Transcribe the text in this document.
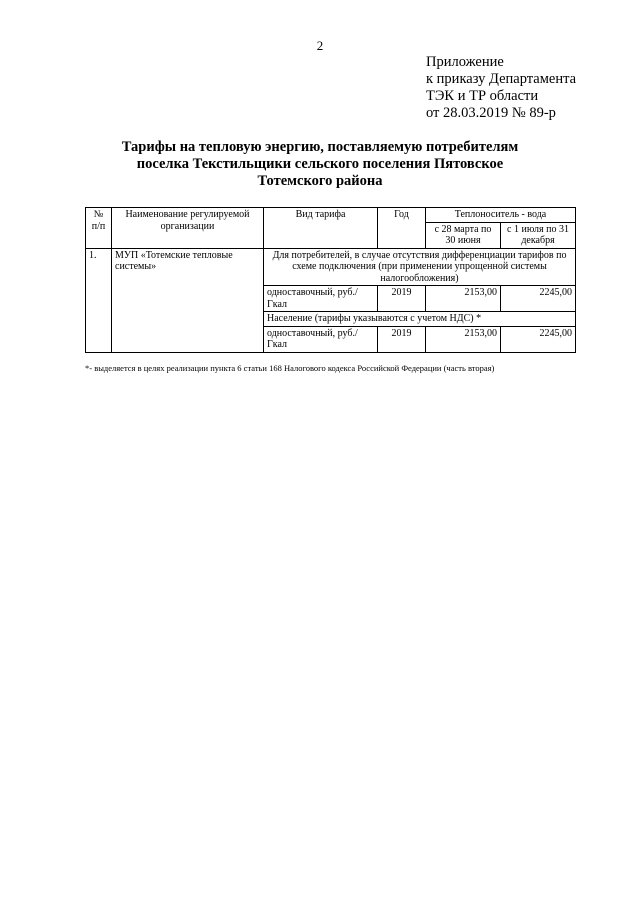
2
Приложение
к приказу Департамента
ТЭК и ТР области
от 28.03.2019 № 89-р
Тарифы на тепловую энергию, поставляемую потребителям
поселка Текстильщики сельского поселения Пятовское
Тотемского района
№ п/п	Наименование регулируемой организации	Вид тарифа	Год	Теплоноситель - вода	
				с 28 марта по 30 июня	с 1 июля по 31 декабря
1.	МУП «Тотемские тепловые системы»	Для потребителей, в случае отсутствия дифференциации тарифов по схеме подключения (при применении упрощенной системы налогообложения)			
		одноставочный, руб./Гкал	2019	2153,00	2245,00
		Население (тарифы указываются с учетом НДС) *			
		одноставочный, руб./Гкал	2019	2153,00	2245,00
*- выделяется в целях реализации пункта 6 статьи 168 Налогового кодекса Российской Федерации (часть вторая)
